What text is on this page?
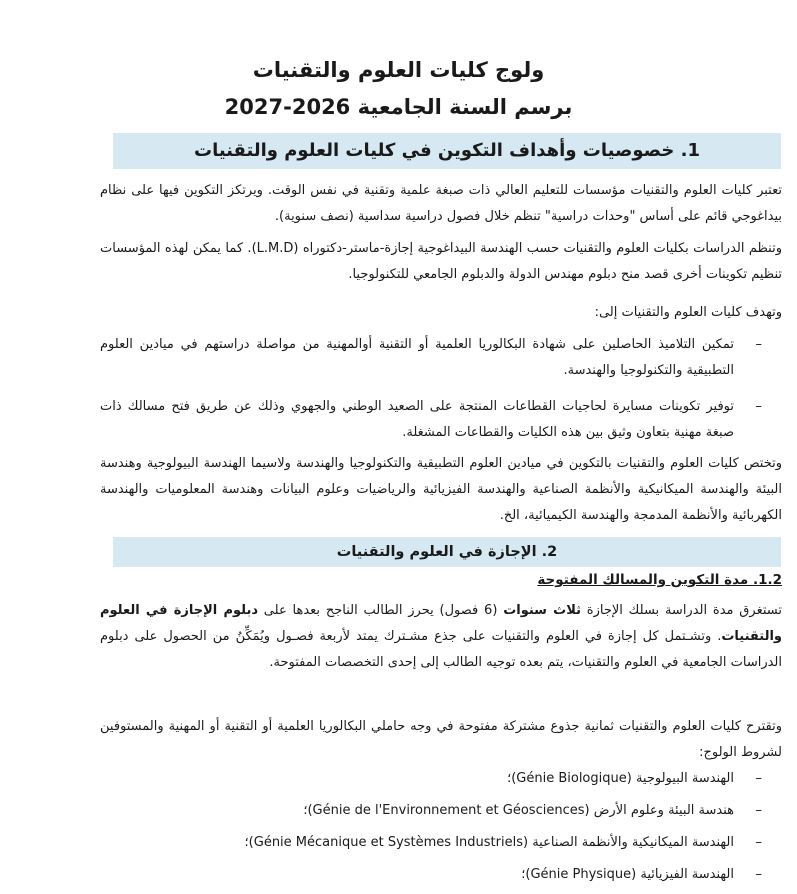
ولوج كليات العلوم والتقنيات
برسم السنة الجامعية 2026-2027
1. خصوصيات وأهداف التكوين في كليات العلوم والتقنيات

تعتبر كليات العلوم والتقنيات مؤسسات للتعليم العالي ذات صبغة علمية وتقنية في نفس الوقت. ويرتكز التكوين فيها على نظام بيداغوجي قائم على أساس "وحدات دراسية" تنظم خلال فصول دراسية سداسية (نصف سنوية).

وتنظم الدراسات بكليات العلوم والتقنيات حسب الهندسة البيداغوجية إجازة-ماستر-دكتوراه (L.M.D). كما يمكن لهذه المؤسسات تنظيم تكوينات أخرى قصد منح دبلوم مهندس الدولة والدبلوم الجامعي للتكنولوجيا.

وتهدف كليات العلوم والتقنيات إلى:

–
تمكين التلاميذ الحاصلين على شهادة البكالوريا العلمية أو التقنية أوالمهنية من مواصلة دراستهم في ميادين العلوم التطبيقية والتكنولوجيا والهندسة.
–
توفير تكوينات مسايرة لحاجيات القطاعات المنتجة على الصعيد الوطني والجهوي وذلك عن طريق فتح مسالك ذات صبغة مهنية بتعاون وثيق بين هذه الكليات والقطاعات المشغلة.

وتختص كليات العلوم والتقنيات بالتكوين في ميادين العلوم التطبيقية والتكنولوجيا والهندسة ولاسيما الهندسة البيولوجية وهندسة البيئة والهندسة الميكانيكية والأنظمة الصناعية والهندسة الفيزيائية والرياضيات وعلوم البيانات وهندسة المعلوميات والهندسة الكهربائية والأنظمة المدمجة والهندسة الكيميائية، الخ.

2. الإجازة في العلوم والتقنيات
1.2. مدة التكوين والمسالك المفتوحة

تستغرق مدة الدراسة بسلك الإجازة ثلاث سنوات (6 فصول) يحرز الطالب الناجح بعدها على دبلوم الإجازة في العلوم والتقنيات. وتشـتمل كل إجازة في العلوم والتقنيات على جذع مشـترك يمتد لأربعة فصـول ويُمَكِّنُ من الحصول على دبلوم الدراسات الجامعية في العلوم والتقنيات، يتم بعده توجيه الطالب إلى إحدى التخصصات المفتوحة.

وتقترح كليات العلوم والتقنيات ثمانية جذوع مشتركة مفتوحة في وجه حاملي البكالوريا العلمية أو التقنية أو المهنية والمستوفين لشروط الولوج:

–
الهندسة البيولوجية (Génie Biologique)؛
–
هندسة البيئة وعلوم الأرض (Génie de l'Environnement et Géosciences)؛
–
الهندسة الميكانيكية والأنظمة الصناعية (Génie Mécanique et Systèmes Industriels)؛
–
الهندسة الفيزيائية (Génie Physique)؛
